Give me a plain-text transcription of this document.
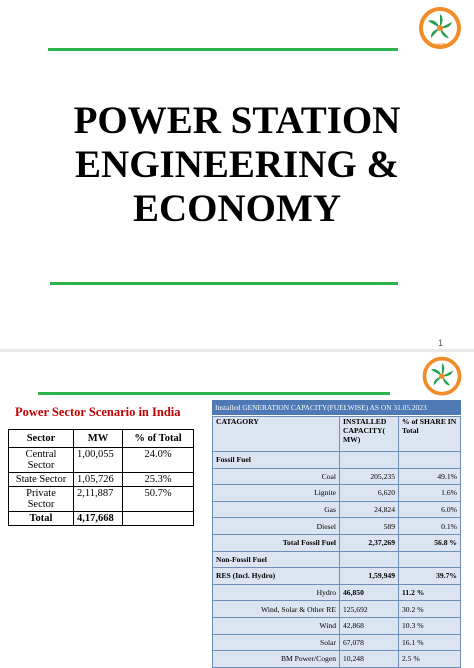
IIET
POWER STATION
ENGINEERING &
ECONOMY
1
Power Sector Scenario in India
Sector	MW	% of Total
Central Sector	1,00,055	24.0%
State Sector	1,05,726	25.3%
Private Sector	2,11,887	50.7%
Total	4,17,668	
Installed GENERATION CAPACITY(FUELWISE) AS ON 31.05.2023
CATAGORY	INSTALLED CAPACITY( MW)	% of SHARE IN Total
Fossil Fuel		
Coal	205,235	49.1%
Lignite	6,620	1.6%
Gas	24,824	6.0%
Diesel	589	0.1%
Total Fossil Fuel	2,37,269	56.8 %
Non-Fossil Fuel		
RES (Incl. Hydro)	1,59,949	39.7%
Hydro	46,850	11.2 %
Wind, Solar & Other RE	125,692	30.2 %
Wind	42,868	10.3 %
Solar	67,078	16.1 %
BM Power/Cogen	10,248	2.5 %
